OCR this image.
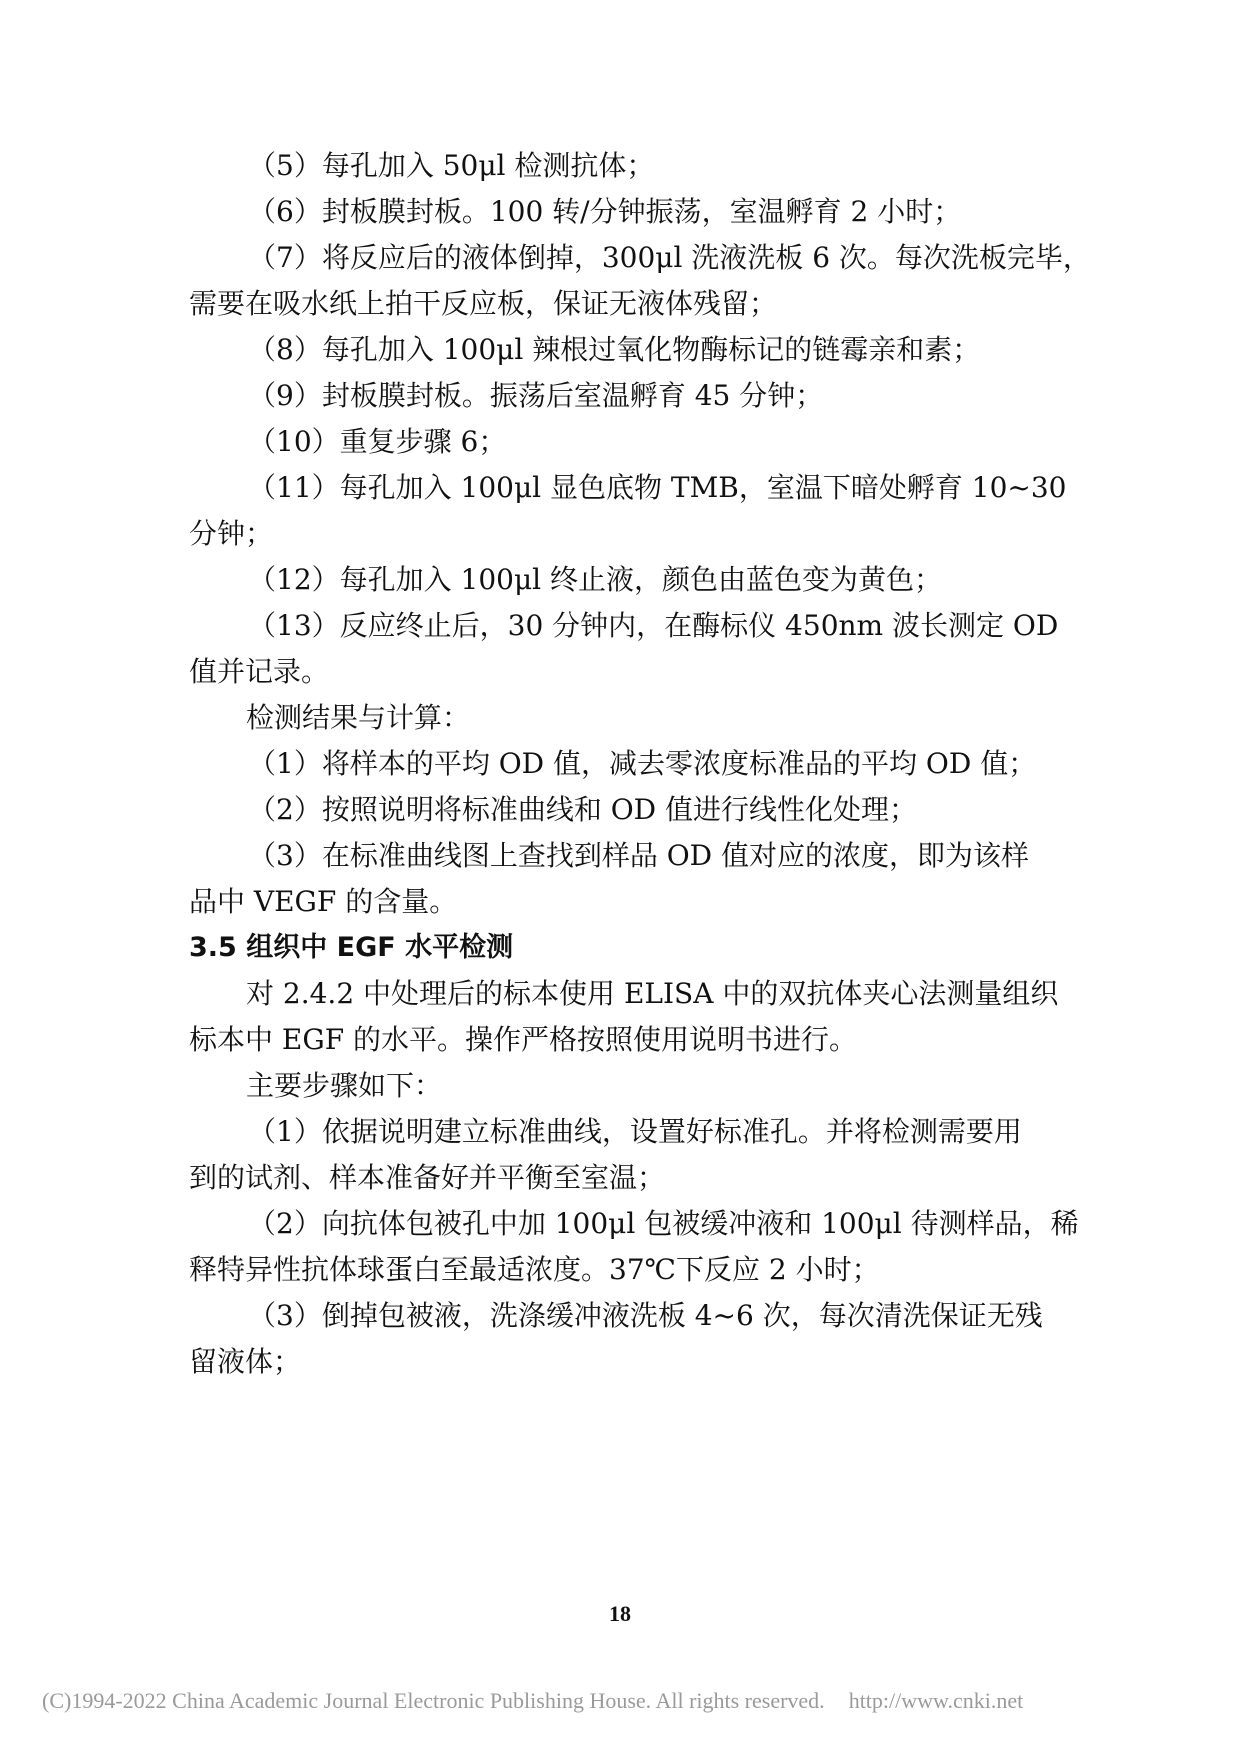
（5）每孔加入 50μl 检测抗体；
（6）封板膜封板。100 转/分钟振荡，室温孵育 2 小时；
（7）将反应后的液体倒掉，300μl 洗液洗板 6 次。每次洗板完毕，
需要在吸水纸上拍干反应板，保证无液体残留；
（8）每孔加入 100μl 辣根过氧化物酶标记的链霉亲和素；
（9）封板膜封板。振荡后室温孵育 45 分钟；
（10）重复步骤 6；
（11）每孔加入 100μl 显色底物 TMB，室温下暗处孵育 10~30
分钟；
（12）每孔加入 100μl 终止液，颜色由蓝色变为黄色；
（13）反应终止后，30 分钟内，在酶标仪 450nm 波长测定 OD
值并记录。
检测结果与计算：
（1）将样本的平均 OD 值，减去零浓度标准品的平均 OD 值；
（2）按照说明将标准曲线和 OD 值进行线性化处理；
（3）在标准曲线图上查找到样品 OD 值对应的浓度，即为该样
品中 VEGF 的含量。
3.5 组织中 EGF 水平检测
对 2.4.2 中处理后的标本使用 ELISA 中的双抗体夹心法测量组织
标本中 EGF 的水平。操作严格按照使用说明书进行。
主要步骤如下：
（1）依据说明建立标准曲线，设置好标准孔。并将检测需要用
到的试剂、样本准备好并平衡至室温；
（2）向抗体包被孔中加 100μl 包被缓冲液和 100μl 待测样品，稀
释特异性抗体球蛋白至最适浓度。37℃下反应 2 小时；
（3）倒掉包被液，洗涤缓冲液洗板 4~6 次，每次清洗保证无残
留液体；
18
(C)1994-2022 China Academic Journal Electronic Publishing House. All rights reserved. http://www.cnki.net
